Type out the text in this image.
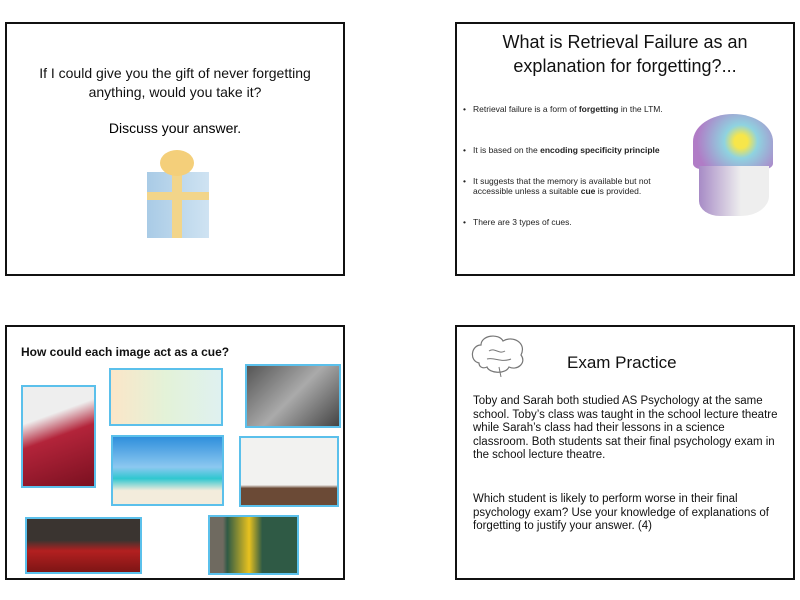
If I could give you the gift of never forgetting anything, would you take it?
Discuss your answer.
What is Retrieval Failure as an explanation for forgetting?...
• Retrieval failure is a form of forgetting in the LTM.
• It is based on the encoding specificity principle
• It suggests that the memory is available but not accessible unless a suitable cue is provided.
• There are 3 types of cues.
How could each image act as a cue?
Exam Practice
Toby and Sarah both studied AS Psychology at the same school. Toby’s class was taught in the school lecture theatre while Sarah’s class had their lessons in a science classroom. Both students sat their final psychology exam in the school lecture theatre.
Which student is likely to perform worse in their final psychology exam? Use your knowledge of explanations of forgetting to justify your answer. (4)
